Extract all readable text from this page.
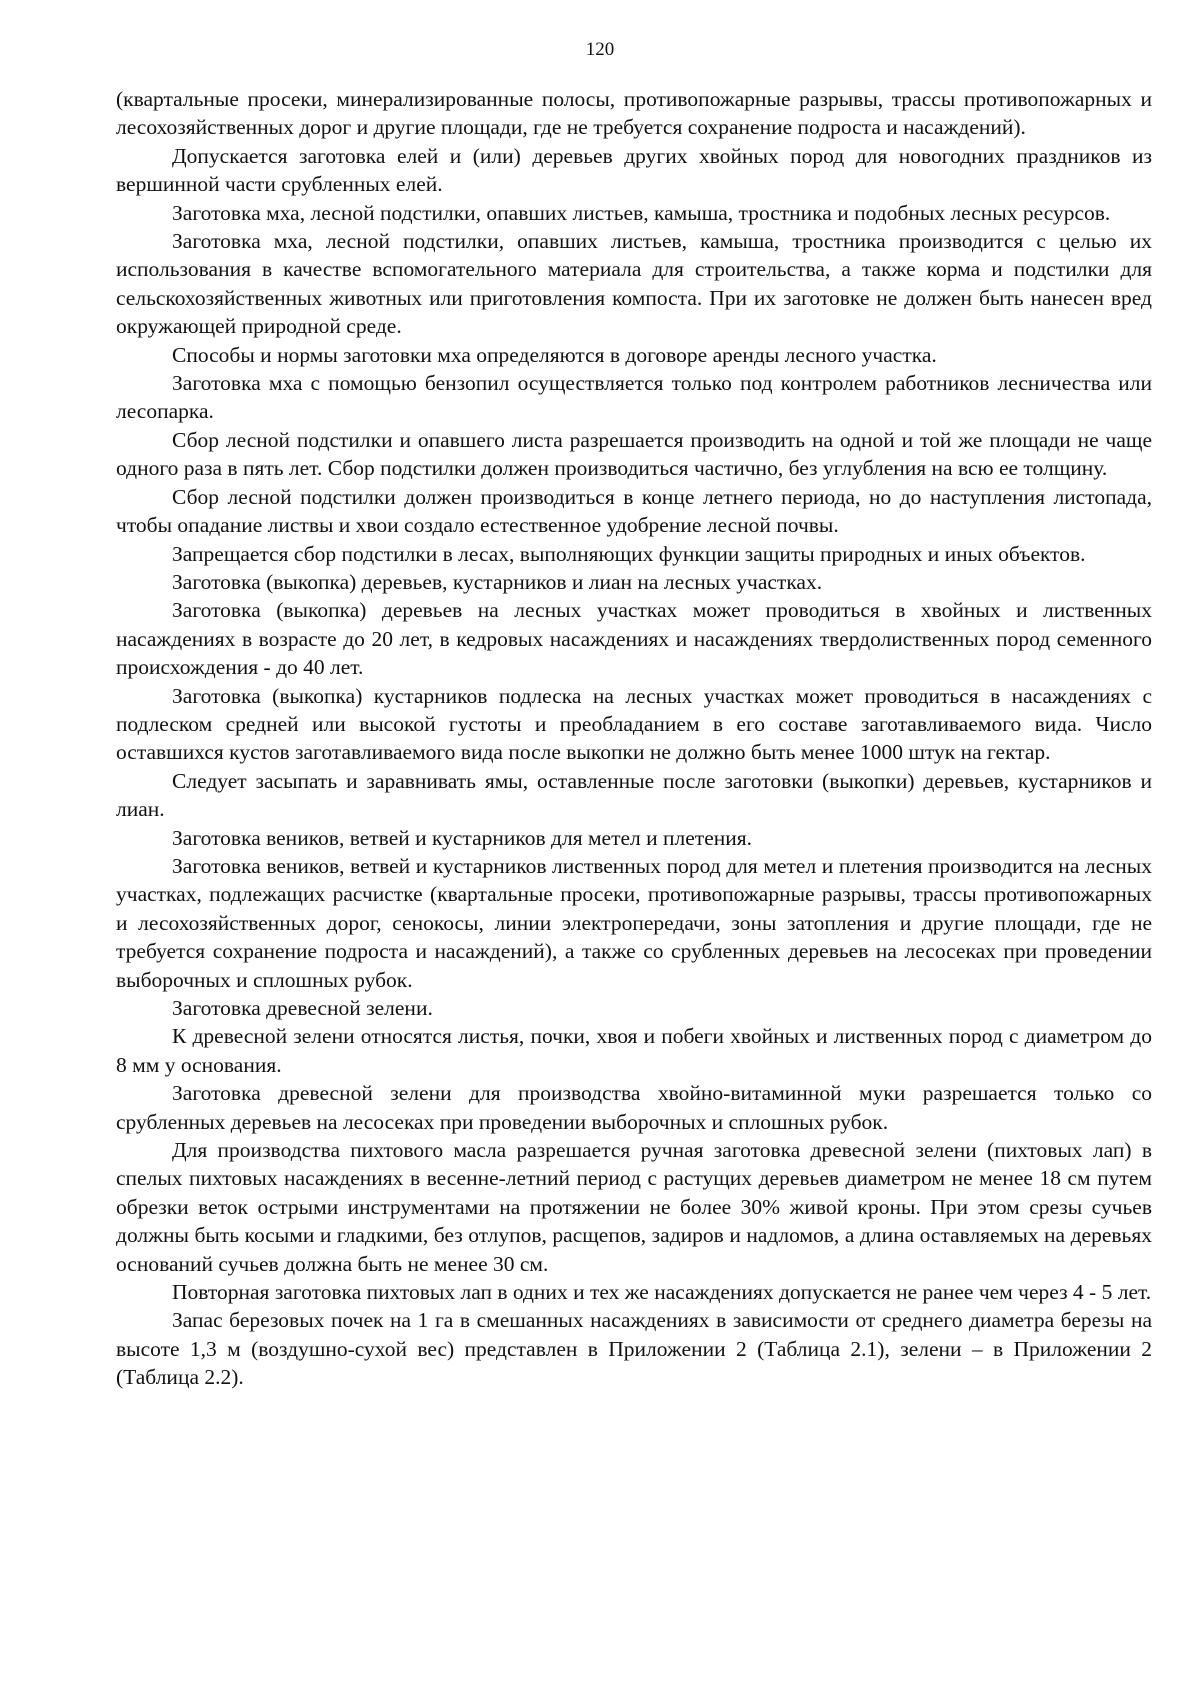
120

(квартальные просеки, минерализированные полосы, противопожарные разрывы, трассы противопожарных и лесохозяйственных дорог и другие площади, где не требуется сохранение подроста и насаждений).

Допускается заготовка елей и (или) деревьев других хвойных пород для новогодних праздников из вершинной части срубленных елей.

Заготовка мха, лесной подстилки, опавших листьев, камыша, тростника и подобных лесных ресурсов.

Заготовка мха, лесной подстилки, опавших листьев, камыша, тростника производится с целью их использования в качестве вспомогательного материала для строительства, а также корма и подстилки для сельскохозяйственных животных или приготовления компоста. При их заготовке не должен быть нанесен вред окружающей природной среде.

Способы и нормы заготовки мха определяются в договоре аренды лесного участка.

Заготовка мха с помощью бензопил осуществляется только под контролем работников лесничества или лесопарка.

Сбор лесной подстилки и опавшего листа разрешается производить на одной и той же площади не чаще одного раза в пять лет. Сбор подстилки должен производиться частично, без углубления на всю ее толщину.

Сбор лесной подстилки должен производиться в конце летнего периода, но до наступления листопада, чтобы опадание листвы и хвои создало естественное удобрение лесной почвы.

Запрещается сбор подстилки в лесах, выполняющих функции защиты природных и иных объектов.

Заготовка (выкопка) деревьев, кустарников и лиан на лесных участках.

Заготовка (выкопка) деревьев на лесных участках может проводиться в хвойных и лиственных насаждениях в возрасте до 20 лет, в кедровых насаждениях и насаждениях твердолиственных пород семенного происхождения - до 40 лет.

Заготовка (выкопка) кустарников подлеска на лесных участках может проводиться в насаждениях с подлеском средней или высокой густоты и преобладанием в его составе заготавливаемого вида. Число оставшихся кустов заготавливаемого вида после выкопки не должно быть менее 1000 штук на гектар.

Следует засыпать и заравнивать ямы, оставленные после заготовки (выкопки) деревьев, кустарников и лиан.

Заготовка веников, ветвей и кустарников для метел и плетения.

Заготовка веников, ветвей и кустарников лиственных пород для метел и плетения производится на лесных участках, подлежащих расчистке (квартальные просеки, противопожарные разрывы, трассы противопожарных и лесохозяйственных дорог, сенокосы, линии электропередачи, зоны затопления и другие площади, где не требуется сохранение подроста и насаждений), а также со срубленных деревьев на лесосеках при проведении выборочных и сплошных рубок.

Заготовка древесной зелени.

К древесной зелени относятся листья, почки, хвоя и побеги хвойных и лиственных пород с диаметром до 8 мм у основания.

Заготовка древесной зелени для производства хвойно-витаминной муки разрешается только со срубленных деревьев на лесосеках при проведении выборочных и сплошных рубок.

Для производства пихтового масла разрешается ручная заготовка древесной зелени (пихтовых лап) в спелых пихтовых насаждениях в весенне-летний период с растущих деревьев диаметром не менее 18 см путем обрезки веток острыми инструментами на протяжении не более 30% живой кроны. При этом срезы сучьев должны быть косыми и гладкими, без отлупов, расщепов, задиров и надломов, а длина оставляемых на деревьях оснований сучьев должна быть не менее 30 см.

Повторная заготовка пихтовых лап в одних и тех же насаждениях допускается не ранее чем через 4 - 5 лет.

Запас березовых почек на 1 га в смешанных насаждениях в зависимости от среднего диаметра березы на высоте 1,3 м (воздушно-сухой вес) представлен в Приложении 2 (Таблица 2.1), зелени – в Приложении 2 (Таблица 2.2).
